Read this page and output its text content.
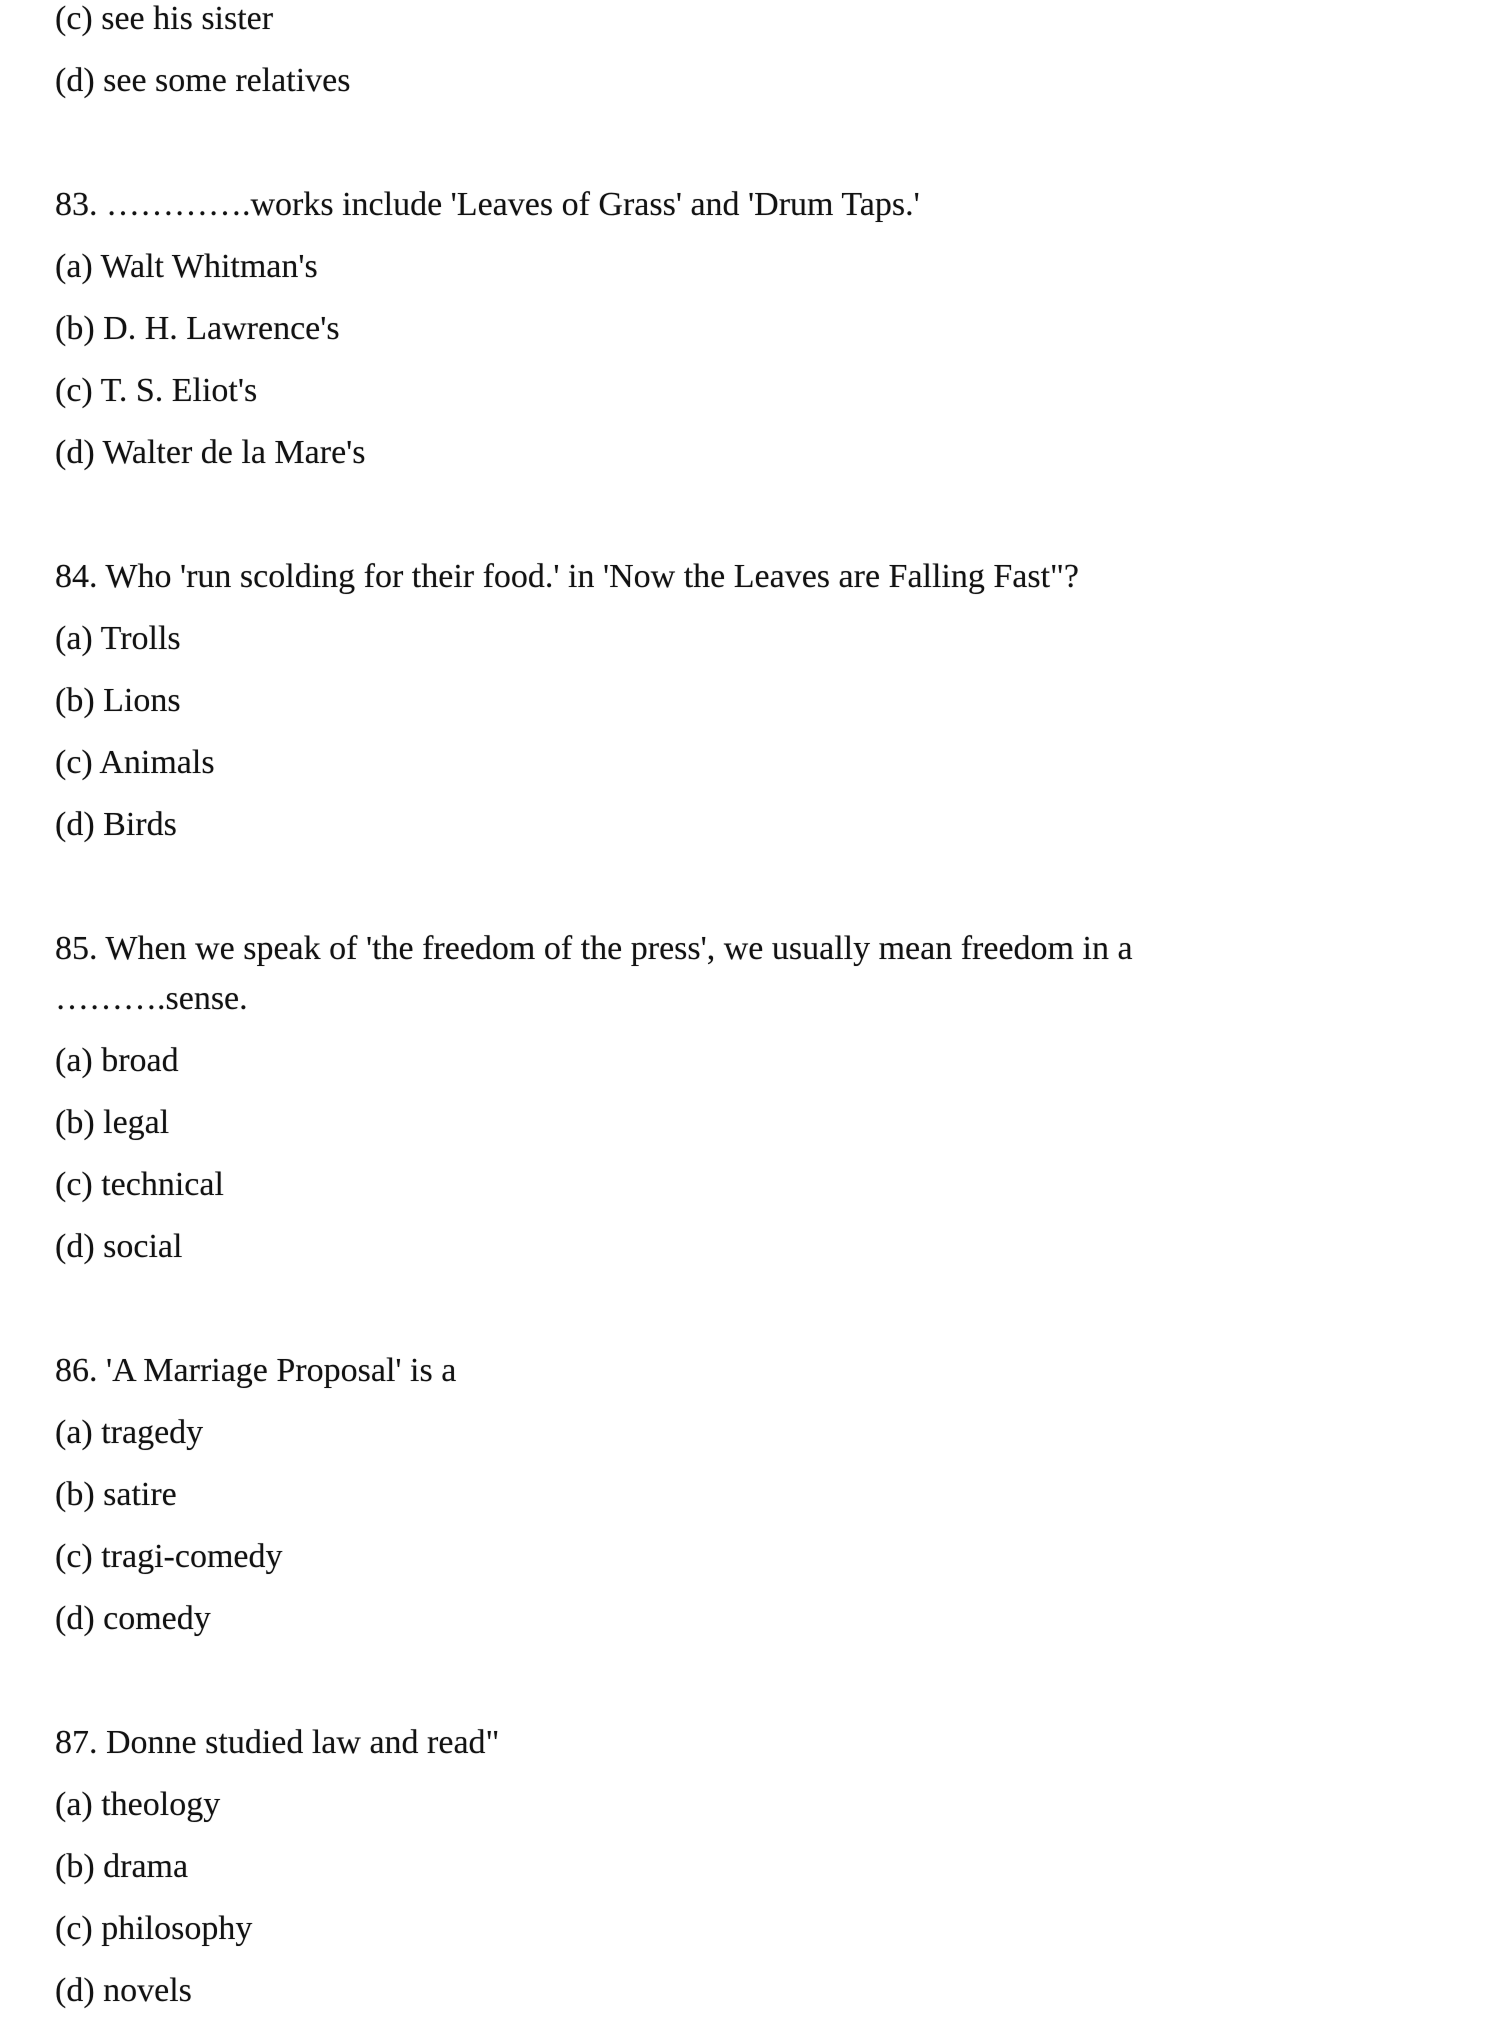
(c) see his sister
(d) see some relatives
83. ………….works include 'Leaves of Grass' and 'Drum Taps.'
(a) Walt Whitman's
(b) D. H. Lawrence's
(c) T. S. Eliot's
(d) Walter de la Mare's
84. Who 'run scolding for their food.' in 'Now the Leaves are Falling Fast"?
(a) Trolls
(b) Lions
(c) Animals
(d) Birds
85. When we speak of 'the freedom of the press', we usually mean freedom in a
……….sense.
(a) broad
(b) legal
(c) technical
(d) social
86. 'A Marriage Proposal' is a
(a) tragedy
(b) satire
(c) tragi-comedy
(d) comedy
87. Donne studied law and read"
(a) theology
(b) drama
(c) philosophy
(d) novels
